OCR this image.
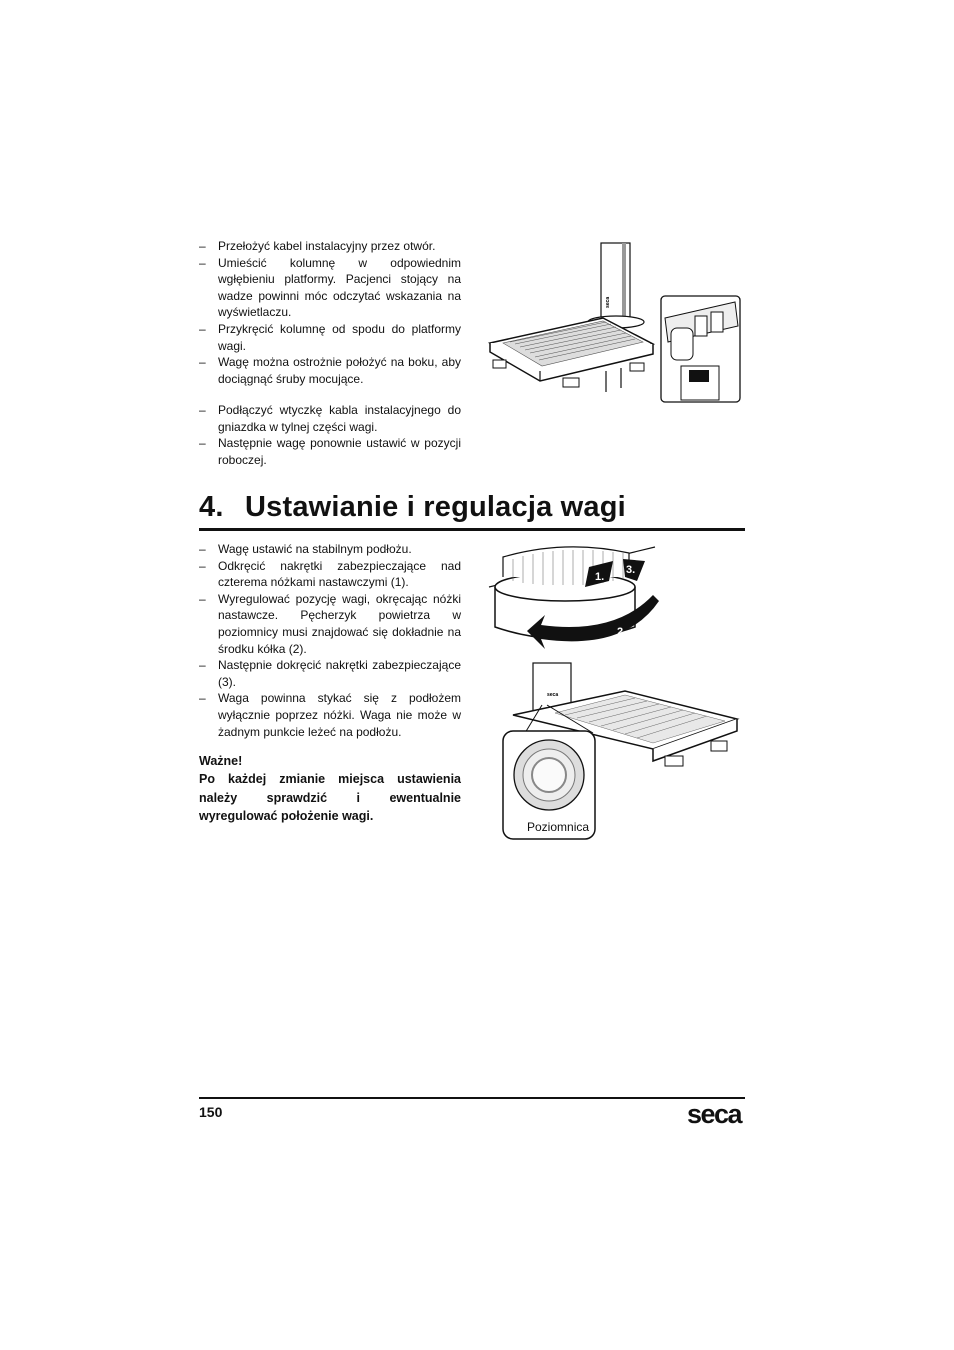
– Przełożyć kabel instalacyjny przez otwór.
– Umieścić kolumnę w odpowiednim wgłębieniu platformy. Pacjenci stojący na wadze powinni móc odczytać wskazania na wyświetlaczu.
– Przykręcić kolumnę od spodu do platformy wagi.
– Wagę można ostrożnie położyć na boku, aby dociągnąć śruby mocujące.
– Podłączyć wtyczkę kabla instalacyjnego do gniazdka w tylnej części wagi.
– Następnie wagę ponownie ustawić w pozycji roboczej.
seca
4. Ustawianie i regulacja wagi
– Wagę ustawić na stabilnym podłożu.
– Odkręcić nakrętki zabezpieczające nad czterema nóżkami nastawczymi (1).
– Wyregulować pozycję wagi, okręcając nóżki nastawcze. Pęcherzyk powietrza w poziomnicy musi znajdować się dokładnie na środku kółka (2).
– Następnie dokręcić nakrętki zabezpieczające (3).
– Waga powinna stykać się z podłożem wyłącznie poprzez nóżki. Waga nie może w żadnym punkcie leżeć na podłożu.

Ważne!

Po każdej zmianie miejsca ustawienia należy sprawdzić i ewentualnie wyregulować położenie wagi.

1.
3.
2.
seca
Poziomnica
150	seca
